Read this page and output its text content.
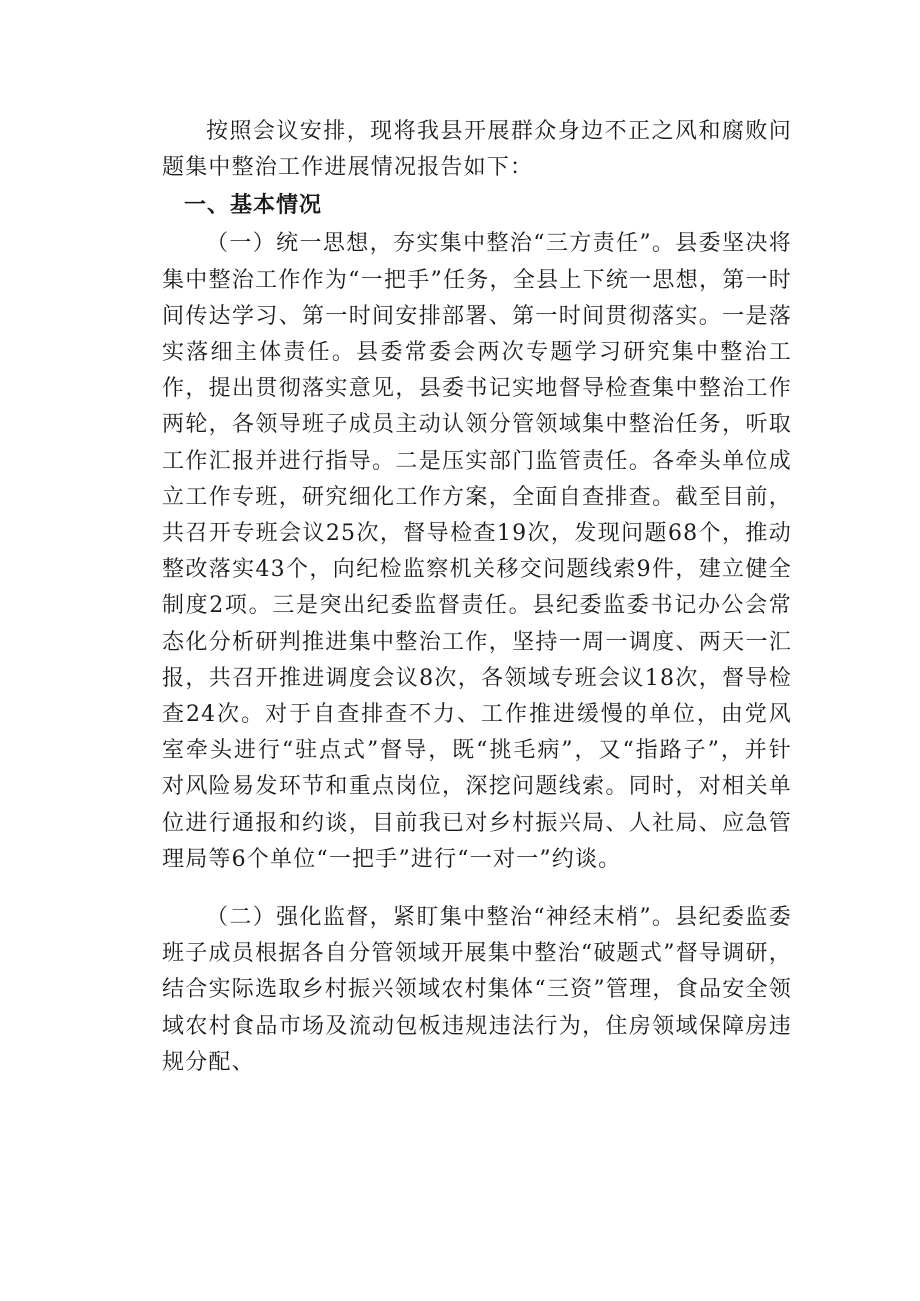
按照会议安排，现将我县开展群众身边不正之风和腐败问题集中整治工作进展情况报告如下：

一、基本情况

（一）统一思想，夯实集中整治“三方责任”。县委坚决将集中整治工作作为“一把手”任务，全县上下统一思想，第一时间传达学习、第一时间安排部署、第一时间贯彻落实。一是落实落细主体责任。县委常委会两次专题学习研究集中整治工作，提出贯彻落实意见，县委书记实地督导检查集中整治工作两轮，各领导班子成员主动认领分管领域集中整治任务，听取工作汇报并进行指导。二是压实部门监管责任。各牵头单位成立工作专班，研究细化工作方案，全面自查排查。截至目前，共召开专班会议25次，督导检查19次，发现问题68个，推动整改落实43个，向纪检监察机关移交问题线索9件，建立健全制度2项。三是突出纪委监督责任。县纪委监委书记办公会常态化分析研判推进集中整治工作，坚持一周一调度、两天一汇报，共召开推进调度会议8次，各领域专班会议18次，督导检查24次。对于自查排查不力、工作推进缓慢的单位，由党风室牵头进行“驻点式”督导，既“挑毛病”，又“指路子”，并针对风险易发环节和重点岗位，深挖问题线索。同时，对相关单位进行通报和约谈，目前我已对乡村振兴局、人社局、应急管理局等6个单位“一把手”进行“一对一”约谈。

（二）强化监督，紧盯集中整治“神经末梢”。县纪委监委班子成员根据各自分管领域开展集中整治“破题式”督导调研，结合实际选取乡村振兴领域农村集体“三资”管理，食品安全领域农村食品市场及流动包板违规违法行为，住房领域保障房违规分配、
